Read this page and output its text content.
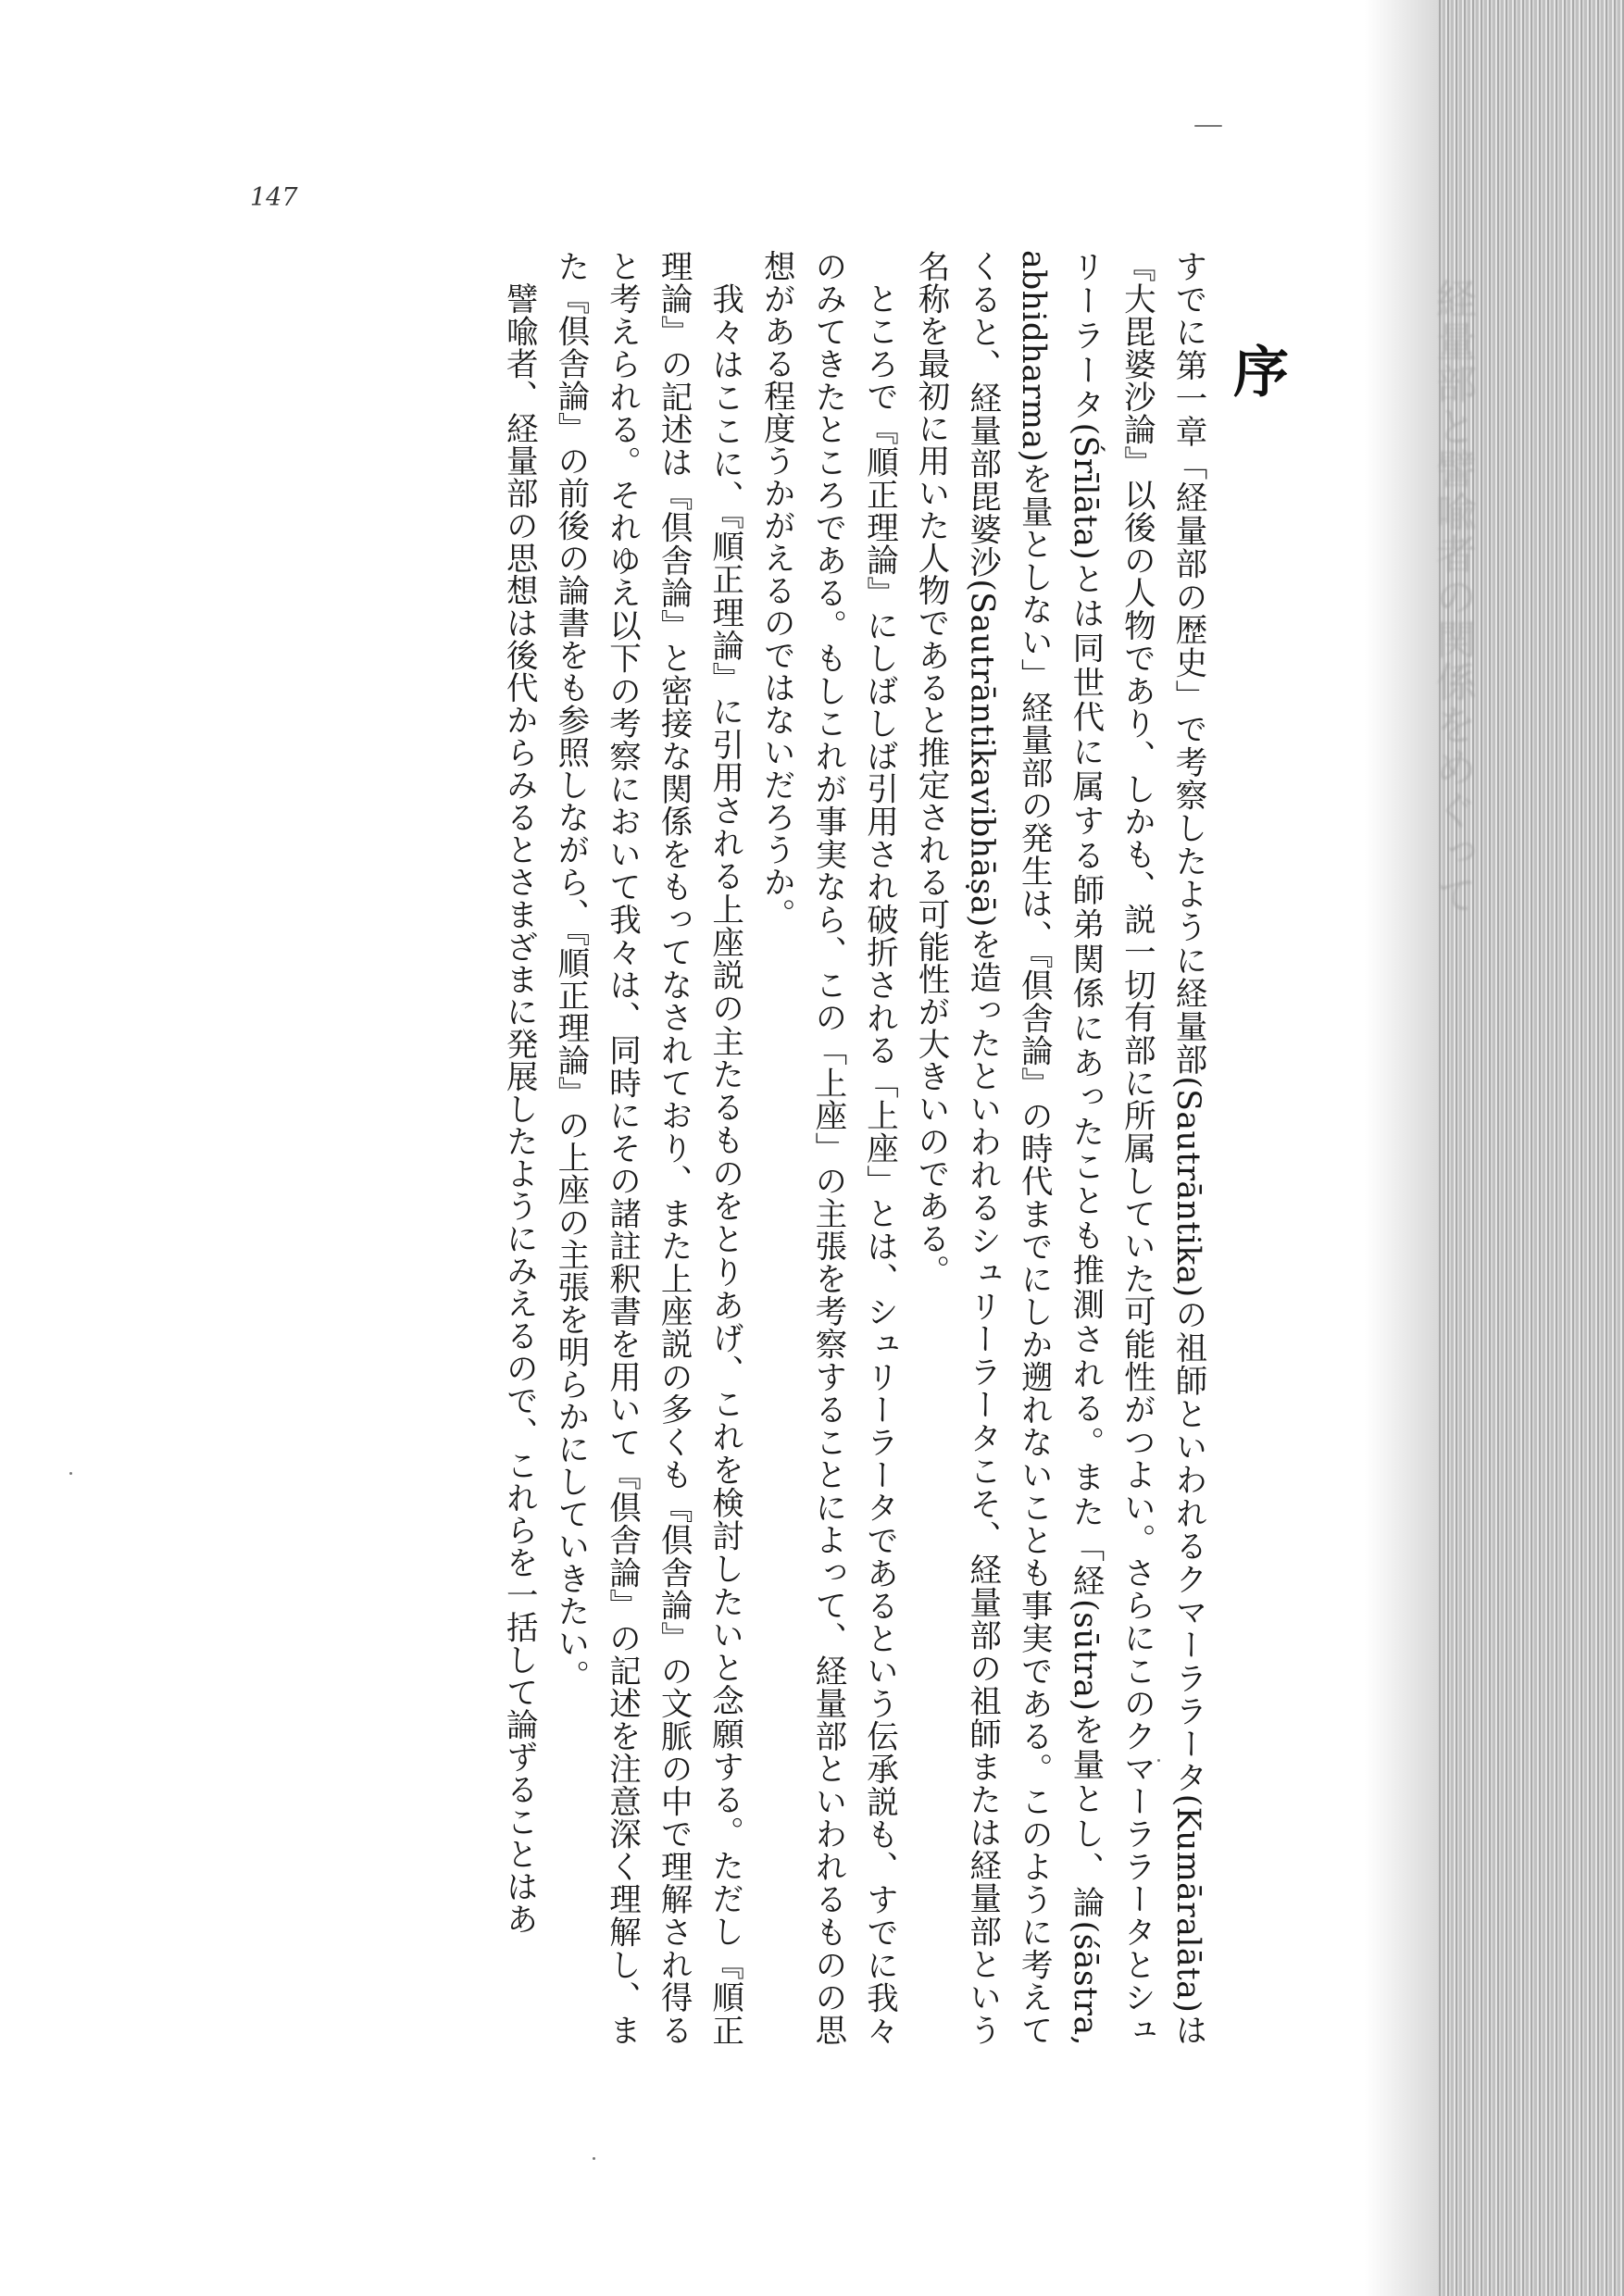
経量部と譬喩者の関係をめぐって
147
序

すでに第一章「経量部の歴史」で考察したように経量部(Sautrāntika)の祖師といわれるクマーララータ(Kumāralāta)は『大毘婆沙論』以後の人物であり、しかも、説一切有部に所属していた可能性がつよい。さらにこのクマーララータとシュリーラータ(Śrīlāta)とは同世代に属する師弟関係にあったことも推測される。また「経(sūtra)を量とし、論(śāstra, abhidharma)を量としない」経量部の発生は、『倶舎論』の時代までにしか遡れないことも事実である。このように考えてくると、経量部毘婆沙(Sautrāntikavibhāṣā)を造ったといわれるシュリーラータこそ、経量部の祖師または経量部という名称を最初に用いた人物であると推定される可能性が大きいのである。

ところで『順正理論』にしばしば引用され破折される「上座」とは、シュリーラータであるという伝承説も、すでに我々のみてきたところである。もしこれが事実なら、この「上座」の主張を考察することによって、経量部といわれるものの思想がある程度うかがえるのではないだろうか。

我々はここに、『順正理論』に引用される上座説の主たるものをとりあげ、これを検討したいと念願する。ただし『順正理論』の記述は『倶舎論』と密接な関係をもってなされており、また上座説の多くも『倶舎論』の文脈の中で理解され得ると考えられる。それゆえ以下の考察において我々は、同時にその諸註釈書を用いて『倶舎論』の記述を注意深く理解し、また『倶舎論』の前後の論書をも参照しながら、『順正理論』の上座の主張を明らかにしていきたい。

譬喩者、経量部の思想は後代からみるとさまざまに発展したようにみえるので、これらを一括して論ずることはあ
